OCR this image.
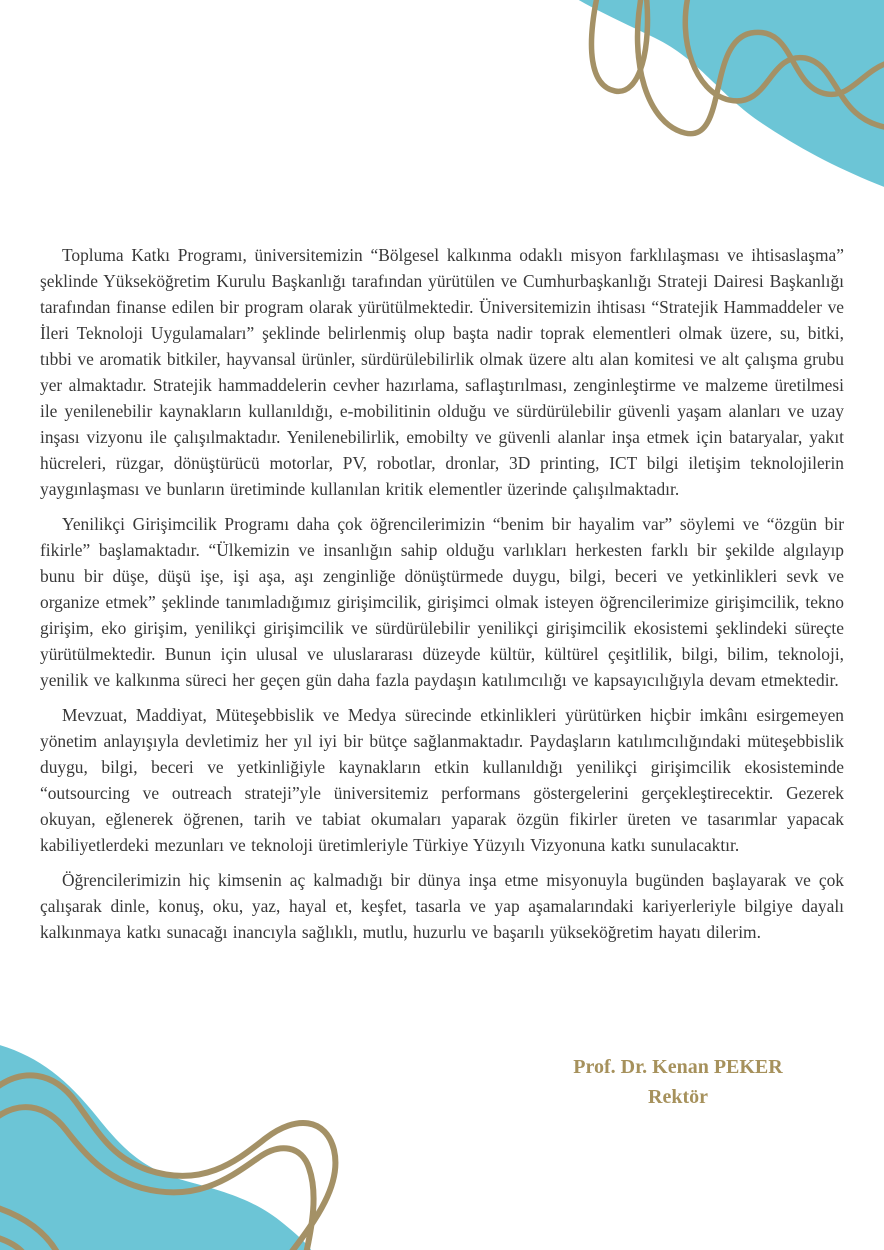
Topluma Katkı Programı, üniversitemizin “Bölgesel kalkınma odaklı misyon farklılaşması ve ihtisaslaşma” şeklinde Yükseköğretim Kurulu Başkanlığı tarafından yürütülen ve Cumhurbaşkanlığı Strateji Dairesi Başkanlığı tarafından finanse edilen bir program olarak yürütülmektedir. Üniversitemizin ihtisası “Stratejik Hammaddeler ve İleri Teknoloji Uygulamaları” şeklinde belirlenmiş olup başta nadir toprak elementleri olmak üzere, su, bitki, tıbbi ve aromatik bitkiler, hayvansal ürünler, sürdürülebilirlik olmak üzere altı alan komitesi ve alt çalışma grubu yer almaktadır. Stratejik hammaddelerin cevher hazırlama, saflaştırılması, zenginleştirme ve malzeme üretilmesi ile yenilenebilir kaynakların kullanıldığı, e-mobilitinin olduğu ve sürdürülebilir güvenli yaşam alanları ve uzay inşası vizyonu ile çalışılmaktadır. Yenilenebilirlik, emobilty ve güvenli alanlar inşa etmek için bataryalar, yakıt hücreleri, rüzgar, dönüştürücü motorlar, PV, robotlar, dronlar, 3D printing, ICT bilgi iletişim teknolojilerin yaygınlaşması ve bunların üretiminde kullanılan kritik elementler üzerinde çalışılmaktadır.

Yenilikçi Girişimcilik Programı daha çok öğrencilerimizin “benim bir hayalim var” söylemi ve “özgün bir fikirle” başlamaktadır. “Ülkemizin ve insanlığın sahip olduğu varlıkları herkesten farklı bir şekilde algılayıp bunu bir düşe, düşü işe, işi aşa, aşı zenginliğe dönüştürmede duygu, bilgi, beceri ve yetkinlikleri sevk ve organize etmek” şeklinde tanımladığımız girişimcilik, girişimci olmak isteyen öğrencilerimize girişimcilik, tekno girişim, eko girişim, yenilikçi girişimcilik ve sürdürülebilir yenilikçi girişimcilik ekosistemi şeklindeki süreçte yürütülmektedir. Bunun için ulusal ve uluslararası düzeyde kültür, kültürel çeşitlilik, bilgi, bilim, teknoloji, yenilik ve kalkınma süreci her geçen gün daha fazla paydaşın katılımcılığı ve kapsayıcılığıyla devam etmektedir.

Mevzuat, Maddiyat, Müteşebbislik ve Medya sürecinde etkinlikleri yürütürken hiçbir imkânı esirgemeyen yönetim anlayışıyla devletimiz her yıl iyi bir bütçe sağlanmaktadır. Paydaşların katılımcılığındaki müteşebbislik duygu, bilgi, beceri ve yetkinliğiyle kaynakların etkin kullanıldığı yenilikçi girişimcilik ekosisteminde “outsourcing ve outreach strateji”yle üniversitemiz performans göstergelerini gerçekleştirecektir. Gezerek okuyan, eğlenerek öğrenen, tarih ve tabiat okumaları yaparak özgün fikirler üreten ve tasarımlar yapacak kabiliyetlerdeki mezunları ve teknoloji üretimleriyle Türkiye Yüzyılı Vizyonuna katkı sunulacaktır.

Öğrencilerimizin hiç kimsenin aç kalmadığı bir dünya inşa etme misyonuyla bugünden başlayarak ve çok çalışarak dinle, konuş, oku, yaz, hayal et, keşfet, tasarla ve yap aşamalarındaki kariyerleriyle bilgiye dayalı kalkınmaya katkı sunacağı inancıyla sağlıklı, mutlu, huzurlu ve başarılı yükseköğretim hayatı dilerim.

Prof. Dr. Kenan PEKER
Rektör
